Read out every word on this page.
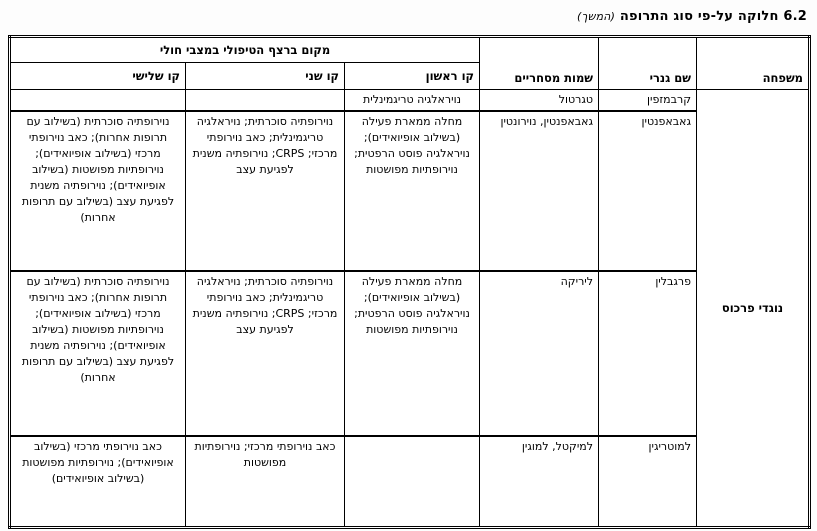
6.2 חלוקה על-פי סוג התרופה (המשך)
משפחה	שם גנרי	שמות מסחריים	מקום ברצף הטיפולי במצבי חולי		
			קו ראשון	קו שני	קו שלישי
נוגדי פרכוס	קרבמזפין	טגרטול	נויראלגיה טריגמינלית		
	גאבאפנטין	גאבאפנטין, נוירונטין	מחלה ממארת פעילה (בשילוב אופיואידים); נויראלגיה פוסט הרפטית; נוירופתיות מפושטות	נוירופתיה סוכרתית; נויראלגיה טריגמינלית; כאב נוירופתי מרכזי; CRPS; נוירופתיה משנית לפגיעת עצב	נוירופתיה סוכרתית (בשילוב עם תרופות אחרות); כאב נוירופתי מרכזי (בשילוב אופיואידים); נוירופתיות מפושטות (בשילוב אופיואידים); נוירופתיה משנית לפגיעת עצב (בשילוב עם תרופות אחרות)
	פרגבלין	ליריקה	מחלה ממארת פעילה (בשילוב אופיואידים); נויראלגיה פוסט הרפטית; נוירופתיות מפושטות	נוירופתיה סוכרתית; נויראלגיה טריגמינלית; כאב נוירופתי מרכזי; CRPS; נוירופתיה משנית לפגיעת עצב	נוירופתיה סוכרתית (בשילוב עם תרופות אחרות); כאב נוירופתי מרכזי (בשילוב אופיואידים); נוירופתיות מפושטות (בשילוב אופיואידים); נוירופתיה משנית לפגיעת עצב (בשילוב עם תרופות אחרות)
	למוטריגין	למיקטל, למוגין		כאב נוירופתי מרכזי; נוירופתיות מפושטות	כאב נוירופתי מרכזי (בשילוב אופיואידים); נוירופתיות מפושטות (בשילוב אופיואידים)
